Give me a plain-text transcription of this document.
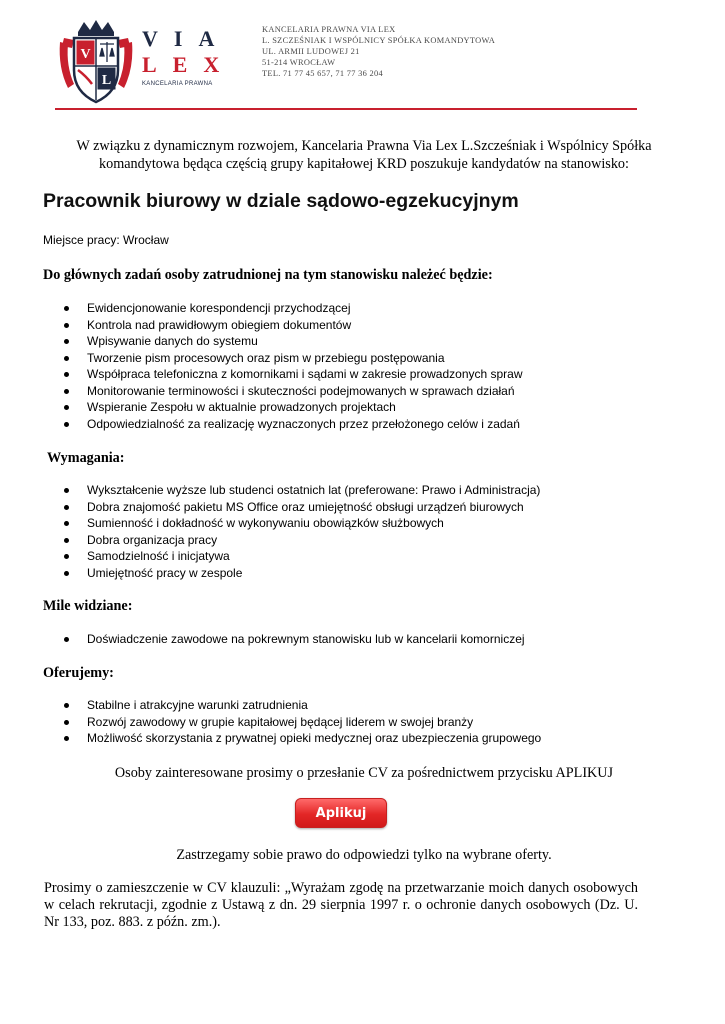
V
L
VIA
LEX
KANCELARIA PRAWNA
KANCELARIA PRAWNA VIA LEX
L. SZCZEŚNIAK I WSPÓLNICY SPÓŁKA KOMANDYTOWA
UL. ARMII LUDOWEJ 21
51-214 WROCŁAW
TEL. 71 77 45 657, 71 77 36 204
W związku z dynamicznym rozwojem, Kancelaria Prawna Via Lex L.Szcześniak i Wspólnicy Spółka komandytowa będąca częścią grupy kapitałowej KRD poszukuje kandydatów na stanowisko:
Pracownik biurowy w dziale sądowo-egzekucyjnym
Miejsce pracy: Wrocław
Do głównych zadań osoby zatrudnionej na tym stanowisku należeć będzie:
Ewidencjonowanie korespondencji przychodzącej
Kontrola nad prawidłowym obiegiem dokumentów
Wpisywanie danych do systemu
Tworzenie pism procesowych oraz pism w przebiegu postępowania
Współpraca telefoniczna z komornikami i sądami w zakresie prowadzonych spraw
Monitorowanie terminowości i skuteczności podejmowanych w sprawach działań
Wspieranie Zespołu w aktualnie prowadzonych projektach
Odpowiedzialność za realizację wyznaczonych przez przełożonego celów i zadań
Wymagania:
Wykształcenie wyższe lub studenci ostatnich lat (preferowane: Prawo i Administracja)
Dobra znajomość pakietu MS Office oraz umiejętność obsługi urządzeń biurowych
Sumienność i dokładność w wykonywaniu obowiązków służbowych
Dobra organizacja pracy
Samodzielność i inicjatywa
Umiejętność pracy w zespole
Mile widziane:
Doświadczenie zawodowe na pokrewnym stanowisku lub w kancelarii komorniczej
Oferujemy:
Stabilne i atrakcyjne warunki zatrudnienia
Rozwój zawodowy w grupie kapitałowej będącej liderem w swojej branży
Możliwość skorzystania z prywatnej opieki medycznej oraz ubezpieczenia grupowego
Osoby zainteresowane prosimy o przesłanie CV za pośrednictwem przycisku APLIKUJ
Aplikuj
Zastrzegamy sobie prawo do odpowiedzi tylko na wybrane oferty.
Prosimy o zamieszczenie w CV klauzuli: „Wyrażam zgodę na przetwarzanie moich danych osobowych w celach rekrutacji, zgodnie z Ustawą z dn. 29 sierpnia 1997 r. o ochronie danych osobowych (Dz. U. Nr 133, poz. 883. z późn. zm.).
